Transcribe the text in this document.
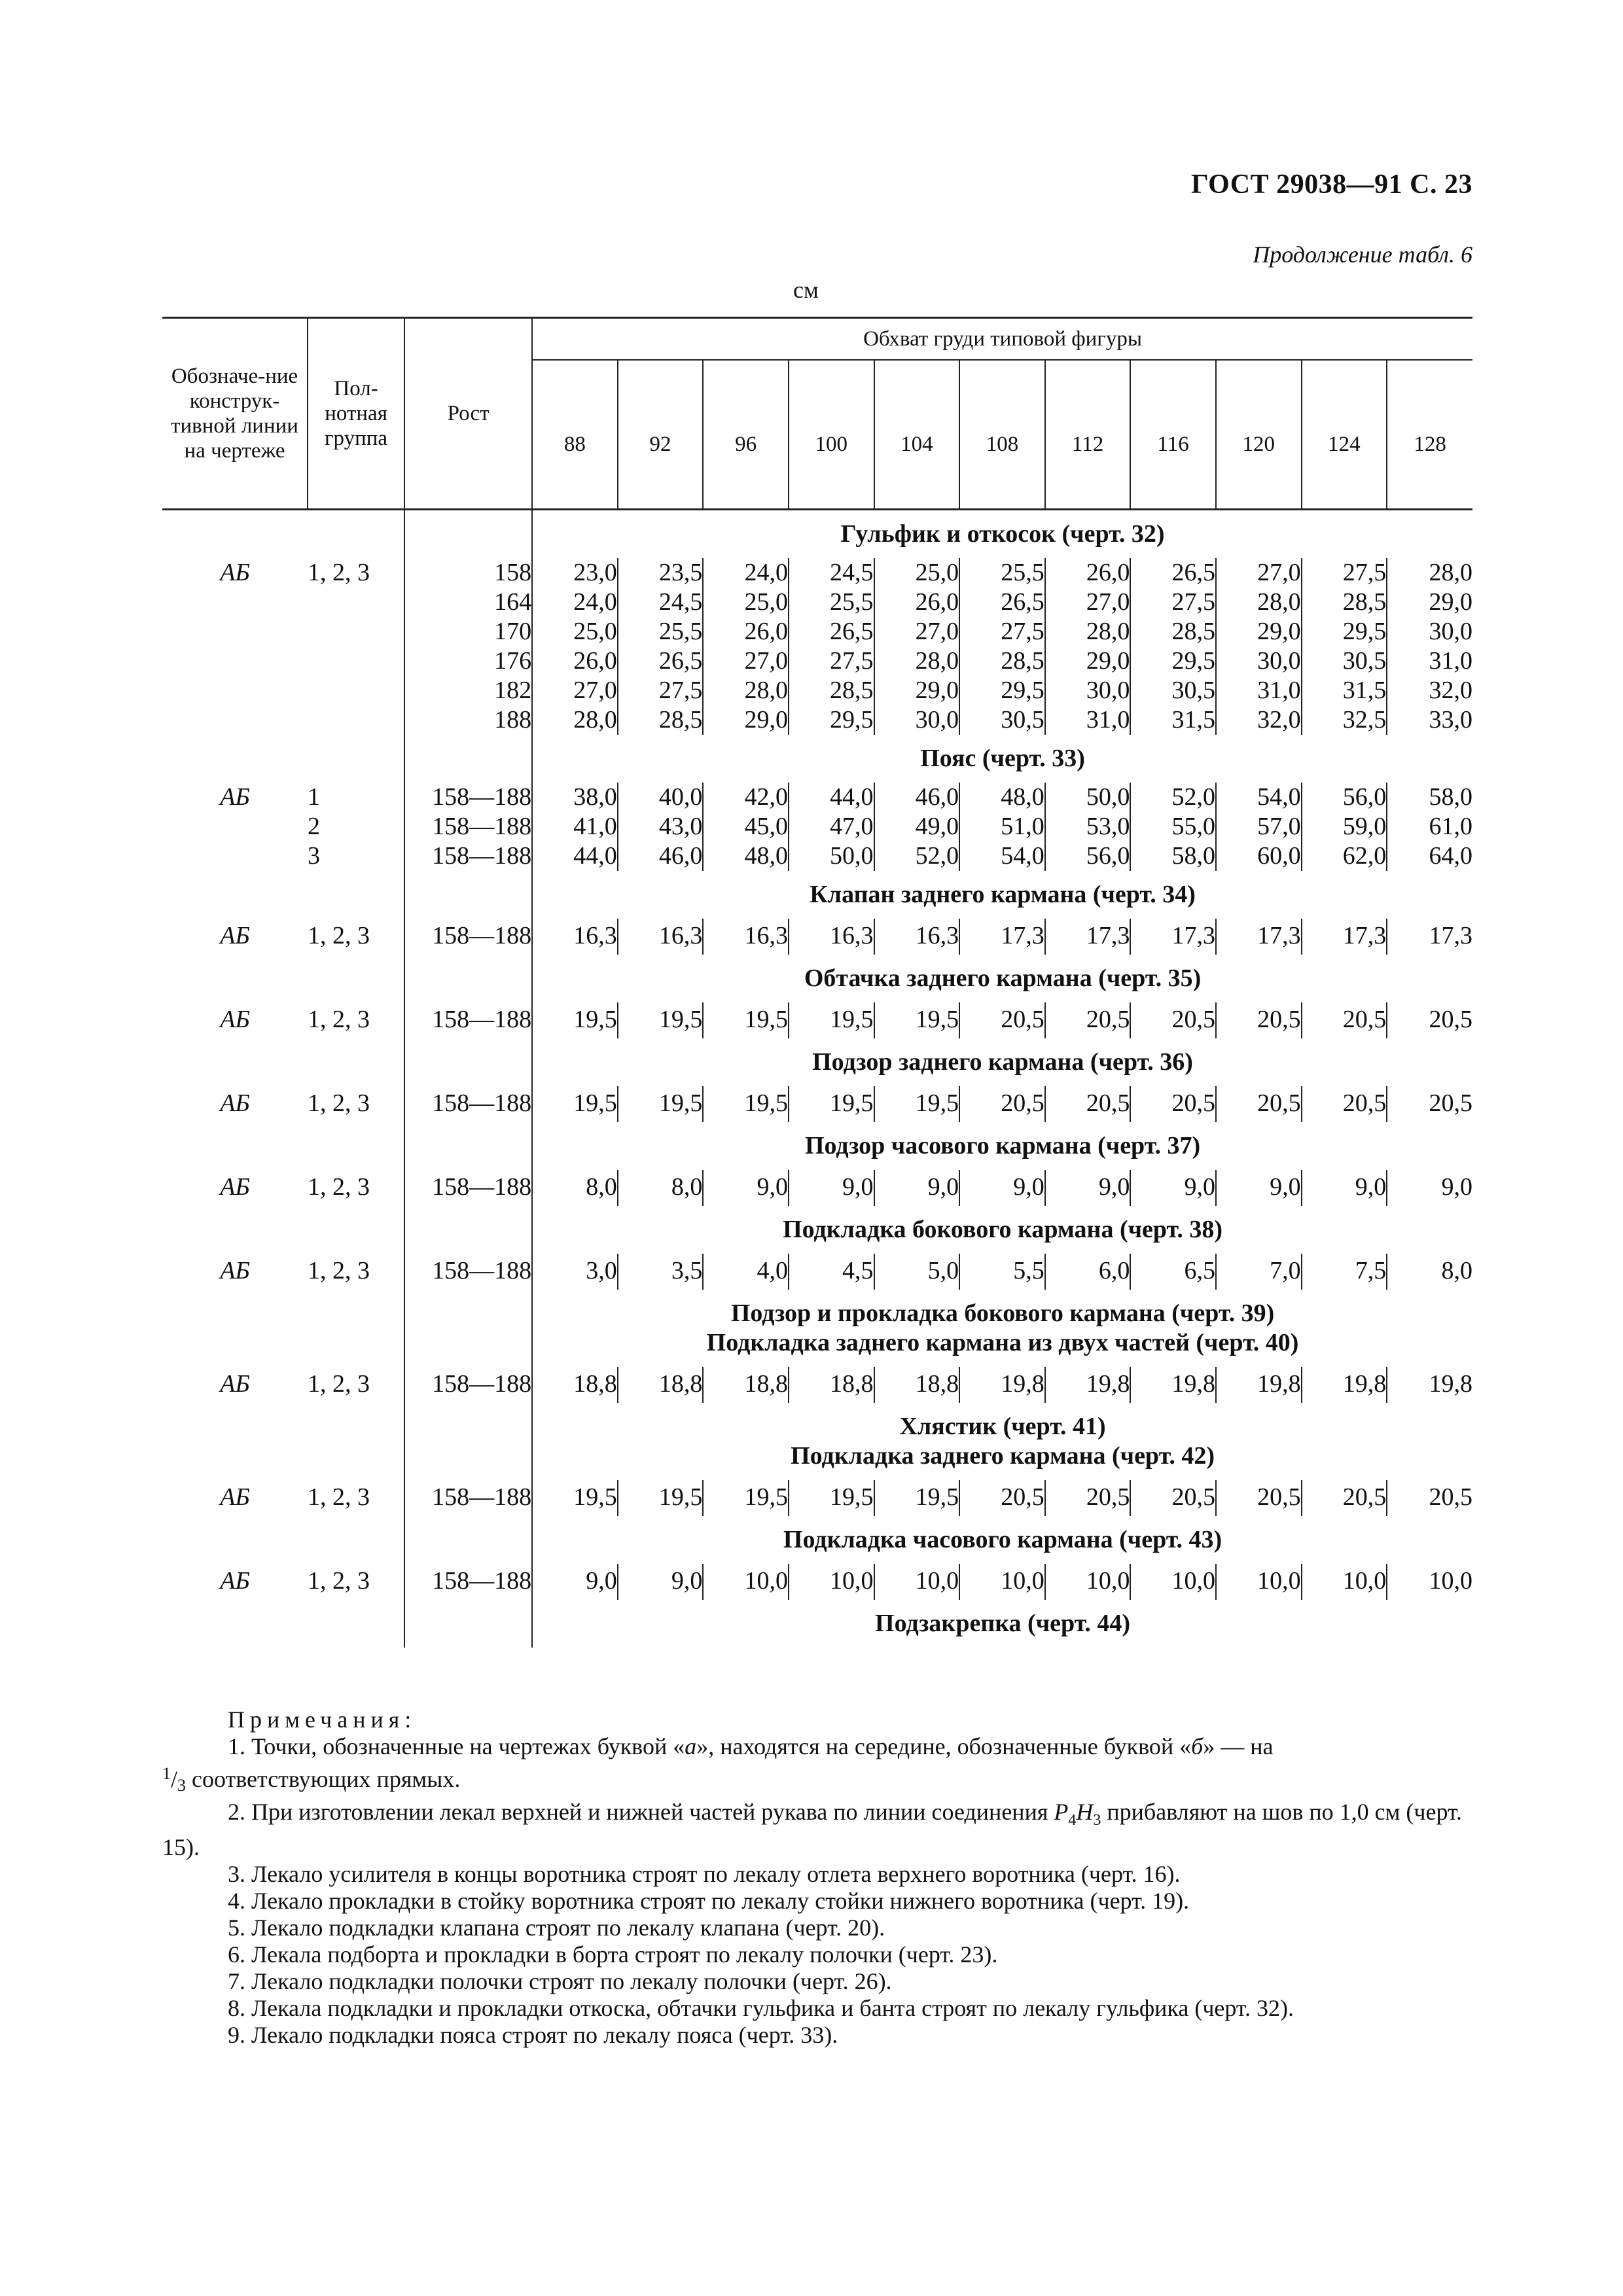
ГОСТ 29038—91 С. 23
Продолжение табл. 6
см
Обозначе-ние конструк-тивной линии на чертеже	Пол-нотная группа	Рост	Обхват груди типовой фигуры										
			88	92	96	100	104	108	112	116	120	124	128
			Гульфик и откосок (черт. 32)										
АБ	1, 2, 3	158	23,0	23,5	24,0	24,5	25,0	25,5	26,0	26,5	27,0	27,5	28,0
		164	24,0	24,5	25,0	25,5	26,0	26,5	27,0	27,5	28,0	28,5	29,0
		170	25,0	25,5	26,0	26,5	27,0	27,5	28,0	28,5	29,0	29,5	30,0
		176	26,0	26,5	27,0	27,5	28,0	28,5	29,0	29,5	30,0	30,5	31,0
		182	27,0	27,5	28,0	28,5	29,0	29,5	30,0	30,5	31,0	31,5	32,0
		188	28,0	28,5	29,0	29,5	30,0	30,5	31,0	31,5	32,0	32,5	33,0
			Пояс (черт. 33)										
АБ	1	158—188	38,0	40,0	42,0	44,0	46,0	48,0	50,0	52,0	54,0	56,0	58,0
	2	158—188	41,0	43,0	45,0	47,0	49,0	51,0	53,0	55,0	57,0	59,0	61,0
	3	158—188	44,0	46,0	48,0	50,0	52,0	54,0	56,0	58,0	60,0	62,0	64,0
			Клапан заднего кармана (черт. 34)										
АБ	1, 2, 3	158—188	16,3	16,3	16,3	16,3	16,3	17,3	17,3	17,3	17,3	17,3	17,3
			Обтачка заднего кармана (черт. 35)										
АБ	1, 2, 3	158—188	19,5	19,5	19,5	19,5	19,5	20,5	20,5	20,5	20,5	20,5	20,5
			Подзор заднего кармана (черт. 36)										
АБ	1, 2, 3	158—188	19,5	19,5	19,5	19,5	19,5	20,5	20,5	20,5	20,5	20,5	20,5
			Подзор часового кармана (черт. 37)										
АБ	1, 2, 3	158—188	8,0	8,0	9,0	9,0	9,0	9,0	9,0	9,0	9,0	9,0	9,0
			Подкладка бокового кармана (черт. 38)										
АБ	1, 2, 3	158—188	3,0	3,5	4,0	4,5	5,0	5,5	6,0	6,5	7,0	7,5	8,0
			Подзор и прокладка бокового кармана (черт. 39)										
			Подкладка заднего кармана из двух частей (черт. 40)										
АБ	1, 2, 3	158—188	18,8	18,8	18,8	18,8	18,8	19,8	19,8	19,8	19,8	19,8	19,8
			Хлястик (черт. 41)										
			Подкладка заднего кармана (черт. 42)										
АБ	1, 2, 3	158—188	19,5	19,5	19,5	19,5	19,5	20,5	20,5	20,5	20,5	20,5	20,5
			Подкладка часового кармана (черт. 43)										
АБ	1, 2, 3	158—188	9,0	9,0	10,0	10,0	10,0	10,0	10,0	10,0	10,0	10,0	10,0
			Подзакрепка (черт. 44)										
Примечания:
1. Точки, обозначенные на чертежах буквой «а», находятся на середине, обозначенные буквой «б» — на
$^1$/3 соответствующих прямых.
2. При изготовлении лекал верхней и нижней частей рукава по линии соединения $P_4H_3$ прибавляют на шов по 1,0 см (черт. 15).
3. Лекало усилителя в концы воротника строят по лекалу отлета верхнего воротника (черт. 16).
4. Лекало прокладки в стойку воротника строят по лекалу стойки нижнего воротника (черт. 19).
5. Лекало подкладки клапана строят по лекалу клапана (черт. 20).
6. Лекала подборта и прокладки в борта строят по лекалу полочки (черт. 23).
7. Лекало подкладки полочки строят по лекалу полочки (черт. 26).
8. Лекала подкладки и прокладки откоска, обтачки гульфика и банта строят по лекалу гульфика (черт. 32).
9. Лекало подкладки пояса строят по лекалу пояса (черт. 33).
